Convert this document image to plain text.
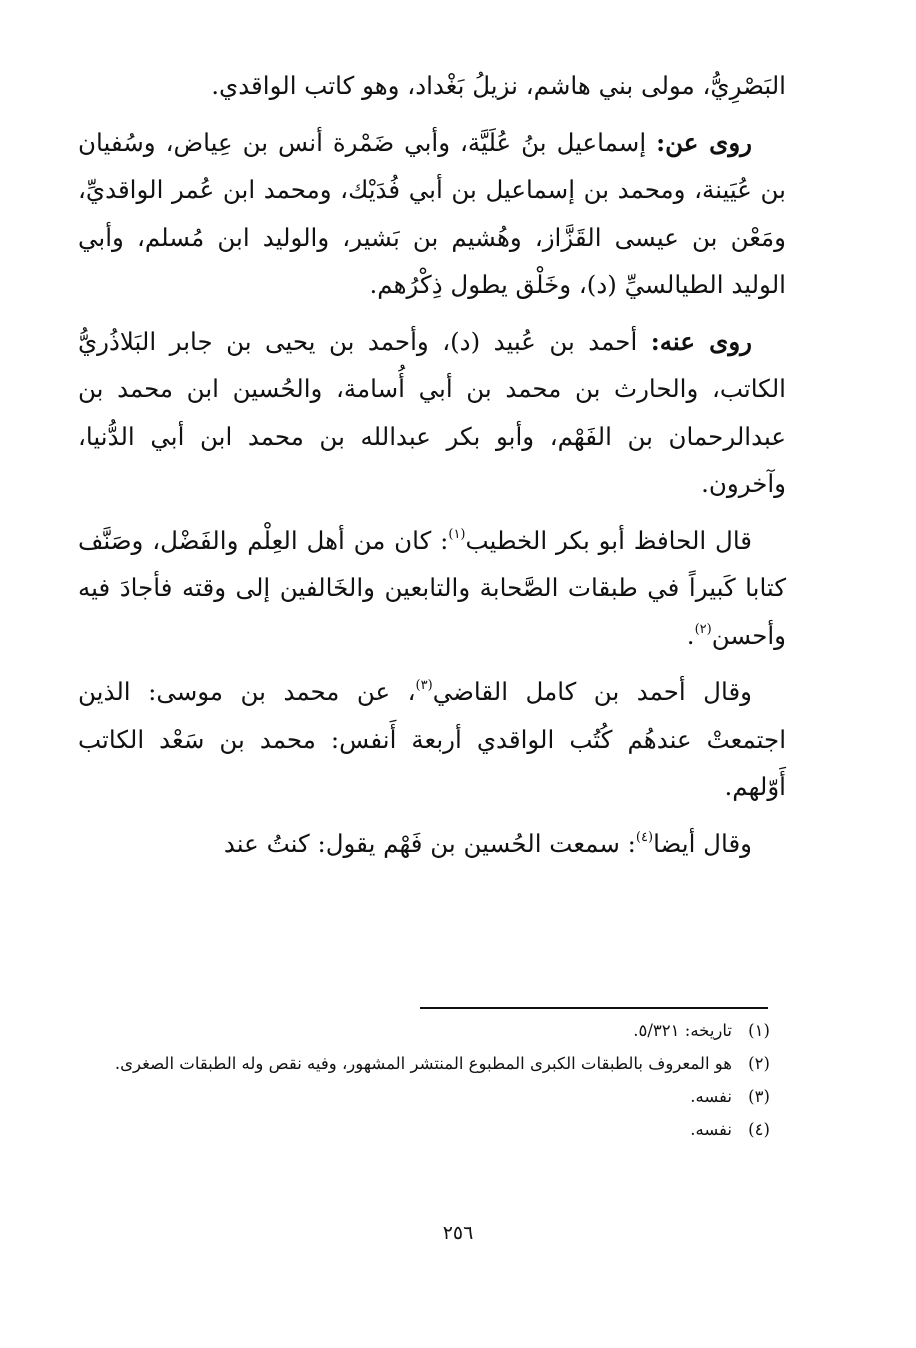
البَصْرِيُّ، مولى بني هاشم، نزيلُ بَغْداد، وهو كاتب الواقدي.

روى عن: إسماعيل بنُ عُلَيَّة، وأبي ضَمْرة أنس بن عِياض، وسُفيان بن عُيَينة، ومحمد بن إسماعيل بن أبي فُدَيْك، ومحمد ابن عُمر الواقديِّ، ومَعْن بن عيسى القَزَّاز، وهُشيم بن بَشير، والوليد ابن مُسلم، وأبي الوليد الطيالسيِّ (د)، وخَلْق يطول ذِكْرُهم.

روى عنه: أحمد بن عُبيد (د)، وأحمد بن يحيى بن جابر البَلاذُريُّ الكاتب، والحارث بن محمد بن أبي أُسامة، والحُسين ابن محمد بن عبدالرحمان بن الفَهْم، وأبو بكر عبدالله بن محمد ابن أبي الدُّنيا، وآخرون.

قال الحافظ أبو بكر الخطيب$^{(١)}$: كان من أهل العِلْم والفَضْل، وصَنَّف كتابا كَبيراً في طبقات الصَّحابة والتابعين والخَالفين إلى وقته فأجادَ فيه وأحسن$^{(٢)}$.

وقال أحمد بن كامل القاضي$^{(٣)}$، عن محمد بن موسى: الذين اجتمعتْ عندهُم كُتُب الواقدي أربعة أَنفس: محمد بن سَعْد الكاتب أَوّلهم.

وقال أيضا$^{(٤)}$: سمعت الحُسين بن فَهْم يقول: كنتُ عند

(١)
تاريخه: ٥/٣٢١.
(٢)
هو المعروف بالطبقات الكبرى المطبوع المنتشر المشهور، وفيه نقص وله الطبقات الصغرى.
(٣)
نفسه.
(٤)
نفسه.
٢٥٦
